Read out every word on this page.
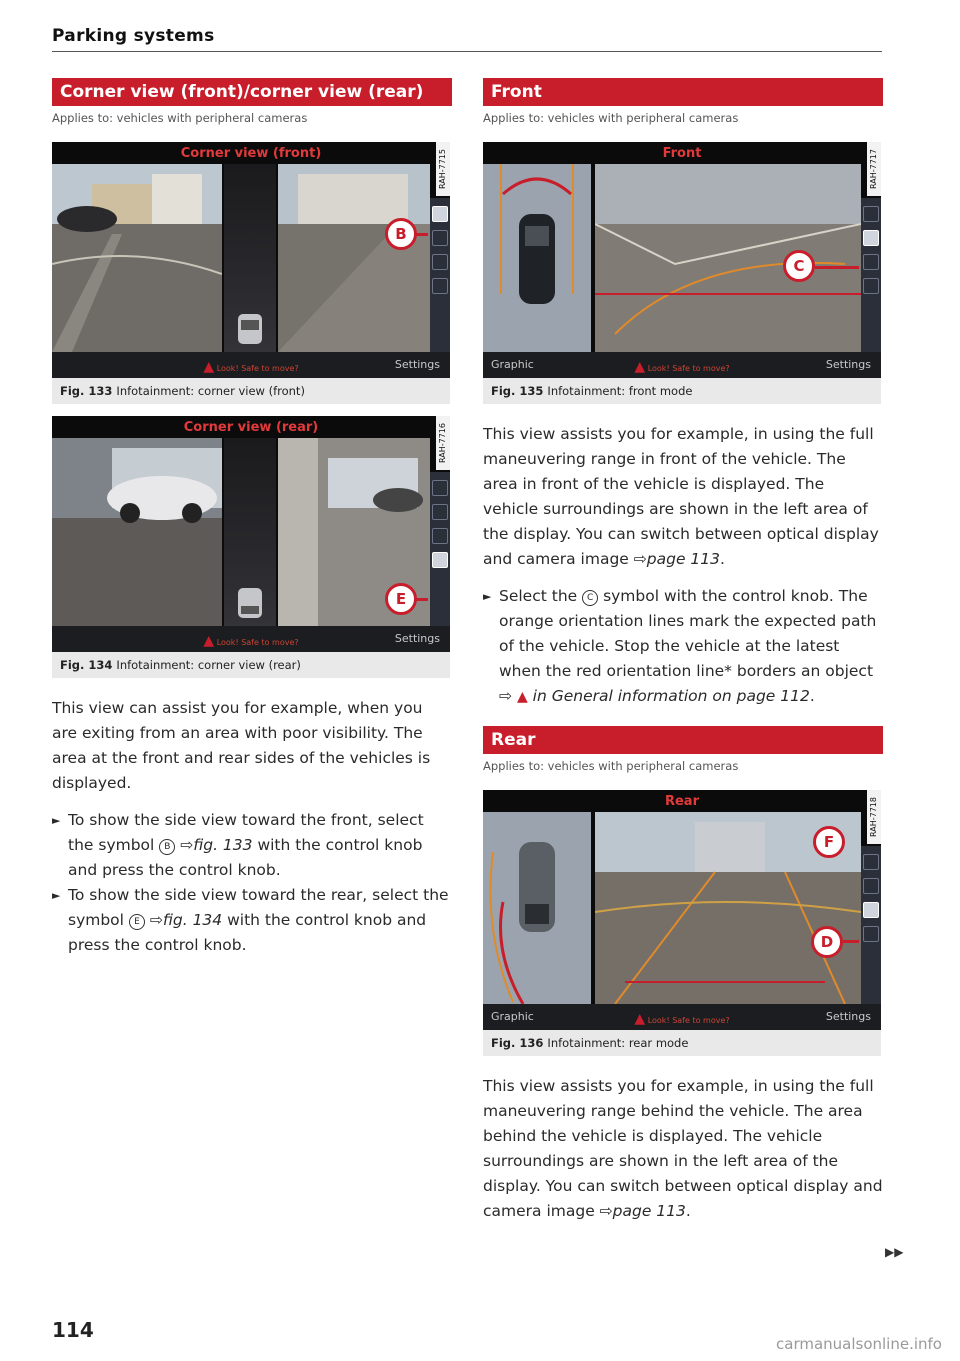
Parking systems
Corner view (front)/corner view (rear)
Applies to: vehicles with peripheral cameras
Corner view (front)	RAH-7715
B
▲ Look! Safe to move?	Settings
Fig. 133 Infotainment: corner view (front)
Corner view (rear)	RAH-7716
E
▲ Look! Safe to move?	Settings
Fig. 134 Infotainment: corner view (rear)
This view can assist you for example, when you are exiting from an area with poor visibility. The area at the front and rear sides of the vehicles is displayed.
► To show the side view toward the front, select the symbol B ⇨fig. 133 with the control knob and press the control knob.
► To show the side view toward the rear, select the symbol E ⇨fig. 134 with the control knob and press the control knob.
Front
Applies to: vehicles with peripheral cameras
Front	RAH-7717
C
Graphic	▲ Look! Safe to move?	Settings
Fig. 135 Infotainment: front mode
This view assists you for example, in using the full maneuvering range in front of the vehicle. The area in front of the vehicle is displayed. The vehicle surroundings are shown in the left area of the display. You can switch between optical display and camera image ⇨page 113.
► Select the C symbol with the control knob. The orange orientation lines mark the expected path of the vehicle. Stop the vehicle at the latest when the red orientation line* borders an object ⇨ ▲ in General information on page 112.
Rear
Applies to: vehicles with peripheral cameras
Rear	RAH-7718
F
D
Graphic	▲ Look! Safe to move?	Settings
Fig. 136 Infotainment: rear mode
This view assists you for example, in using the full maneuvering range behind the vehicle. The area behind the vehicle is displayed. The vehicle surroundings are shown in the left area of the display. You can switch between optical display and camera image ⇨page 113.
▶▶
114
carmanualsonline.info
